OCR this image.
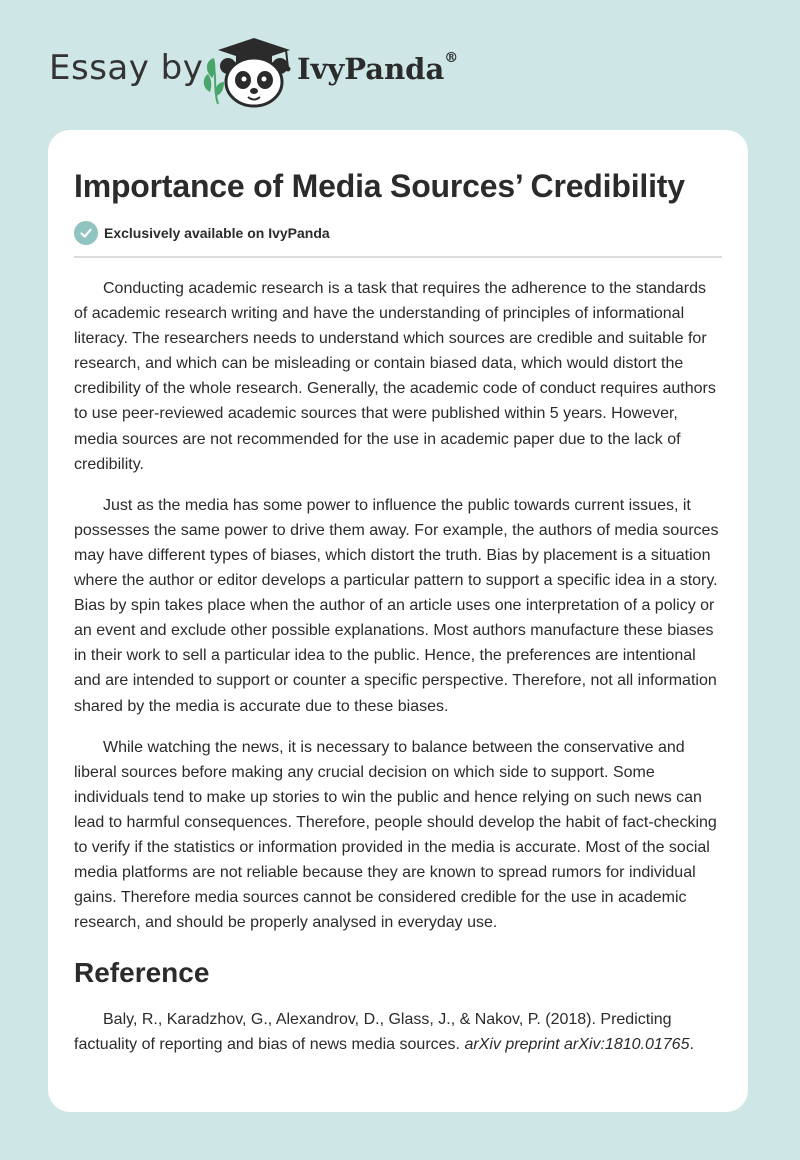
Essay by	IvyPanda®
Importance of Media Sources’ Credibility
Exclusively available on IvyPanda

Conducting academic research is a task that requires the adherence to the standards of academic research writing and have the understanding of principles of informational literacy. The researchers needs to understand which sources are credible and suitable for research, and which can be misleading or contain biased data, which would distort the credibility of the whole research. Generally, the academic code of conduct requires authors to use peer-reviewed academic sources that were published within 5 years. However, media sources are not recommended for the use in academic paper due to the lack of credibility.

Just as the media has some power to influence the public towards current issues, it possesses the same power to drive them away. For example, the authors of media sources may have different types of biases, which distort the truth. Bias by placement is a situation where the author or editor develops a particular pattern to support a specific idea in a story. Bias by spin takes place when the author of an article uses one interpretation of a policy or an event and exclude other possible explanations. Most authors manufacture these biases in their work to sell a particular idea to the public. Hence, the preferences are intentional and are intended to support or counter a specific perspective. Therefore, not all information shared by the media is accurate due to these biases.

While watching the news, it is necessary to balance between the conservative and liberal sources before making any crucial decision on which side to support. Some individuals tend to make up stories to win the public and hence relying on such news can lead to harmful consequences. Therefore, people should develop the habit of fact-checking to verify if the statistics or information provided in the media is accurate. Most of the social media platforms are not reliable because they are known to spread rumors for individual gains. Therefore media sources cannot be considered credible for the use in academic research, and should be properly analysed in everyday use.

Reference

Baly, R., Karadzhov, G., Alexandrov, D., Glass, J., & Nakov, P. (2018). Predicting factuality of reporting and bias of news media sources. arXiv preprint arXiv:1810.01765.
